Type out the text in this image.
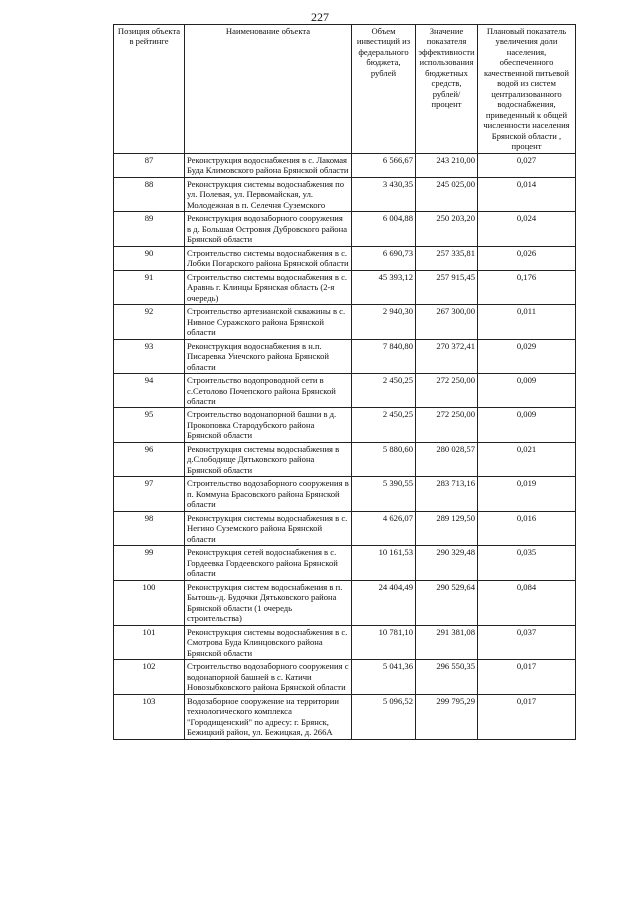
227
Позиция объекта в рейтинге	Наименование объекта	Объем инвестиций из федерального бюджета, рублей	Значение показателя эффективности использования бюджетных средств, рублей/процент	Плановый показатель увеличения доли населения, обеспеченного качественной питьевой водой из систем централизованного водоснабжения, приведенный к общей численности населения Брянской области , процент
87	Реконструкция водоснабжения в с. Лакомая Буда Климовского района Брянской области	6 566,67	243 210,00	0,027
88	Реконструкция системы водоснабжения по ул. Полевая, ул. Первомайская, ул. Молодежная в п. Селечня Суземского	3 430,35	245 025,00	0,014
89	Реконструкция водозаборного сооружения в д. Большая Островня Дубровского района Брянской области	6 004,88	250 203,20	0,024
90	Строительство системы водоснабжения в с. Лобки Погарского района Брянской области	6 690,73	257 335,81	0,026
91	Строительство системы водоснабжения в с. Аравнь г. Клинцы Брянская область (2-я очередь)	45 393,12	257 915,45	0,176
92	Строительство артезианской скважины в с. Нивное Суражского района Брянской области	2 940,30	267 300,00	0,011
93	Реконструкция водоснабжения в н.п. Писаревка Унечского района Брянской области	7 840,80	270 372,41	0,029
94	Строительство водопроводной сети в с.Сетолово Почепского района Брянской области	2 450,25	272 250,00	0,009
95	Строительство водонапорной башни в д. Прокоповка Стародубского района Брянской области	2 450,25	272 250,00	0,009
96	Реконструкция системы водоснабжения в д.Слободище Дятьковского района Брянской области	5 880,60	280 028,57	0,021
97	Строительство водозаборного сооружения в п. Коммуна Брасовского района Брянской области	5 390,55	283 713,16	0,019
98	Реконструкция системы водоснабжения в с. Негино Суземского района Брянской области	4 626,07	289 129,50	0,016
99	Реконструкция сетей водоснабжения в с. Гордеевка Гордеевского района Брянской области	10 161,53	290 329,48	0,035
100	Реконструкция систем водоснабжения в п. Бытошь-д. Будочки Дятьковского района Брянской области (1 очередь строительства)	24 404,49	290 529,64	0,084
101	Реконструкция системы водоснабжения в с. Смотрова Буда Клинцовского района Брянской области	10 781,10	291 381,08	0,037
102	Строительство водозаборного сооружения с водонапорной башней в с. Катичи Новозыбковского района Брянской области	5 041,36	296 550,35	0,017
103	Водозаборное сооружение на территории технологического комплекса "Городищенский" по адресу: г. Брянск, Бежицкий район, ул. Бежицкая, д. 266А	5 096,52	299 795,29	0,017
